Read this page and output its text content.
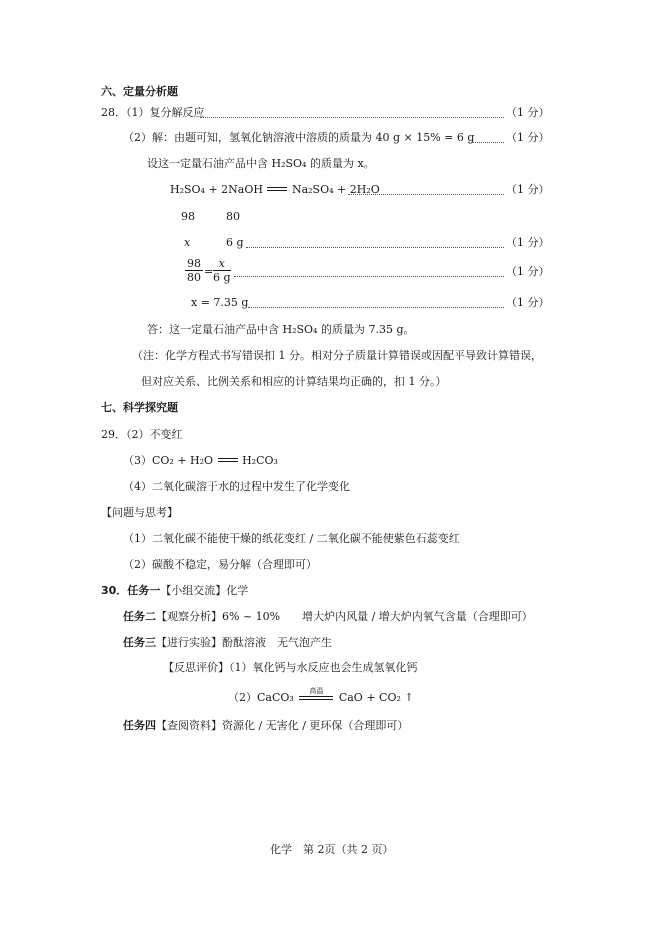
六、定量分析题
28．（1）复分解反应	（1 分）
（2）解：由题可知，氢氧化钠溶液中溶质的质量为 40 g × 15% = 6 g	（1 分）
设这一定量石油产品中含 H₂SO₄ 的质量为 x。
H₂SO₄ + 2NaOH	Na₂SO₄ + 2H₂O	（1 分）
98	80
x	6 g	（1 分）
$\frac{98}{80} = \frac{x}{6 g}$	（1 分）
x = 7.35 g	（1 分）
答：这一定量石油产品中含 H₂SO₄ 的质量为 7.35 g。
（注：化学方程式书写错误扣 1 分。相对分子质量计算错误或因配平导致计算错误，
但对应关系、比例关系和相应的计算结果均正确的，扣 1 分。）
七、科学探究题
29．（2）不变红
（3）CO₂ + H₂O	H₂CO₃
（4）二氧化碳溶于水的过程中发生了化学变化
【问题与思考】
（1）二氧化碳不能使干燥的纸花变红 / 二氧化碳不能使紫色石蕊变红
（2）碳酸不稳定，易分解（合理即可）
30．任务一【小组交流】化学
任务二【观察分析】6% ~ 10%　　增大炉内风量 / 增大炉内氧气含量（合理即可）
任务三【进行实验】酚酞溶液　无气泡产生
【反思评价】（1）氧化钙与水反应也会生成氢氧化钙
（2）CaCO₃	高温	CaO + CO₂ ↑
任务四【查阅资料】资源化 / 无害化 / 更环保（合理即可）
化学　第 2页（共 2 页）
